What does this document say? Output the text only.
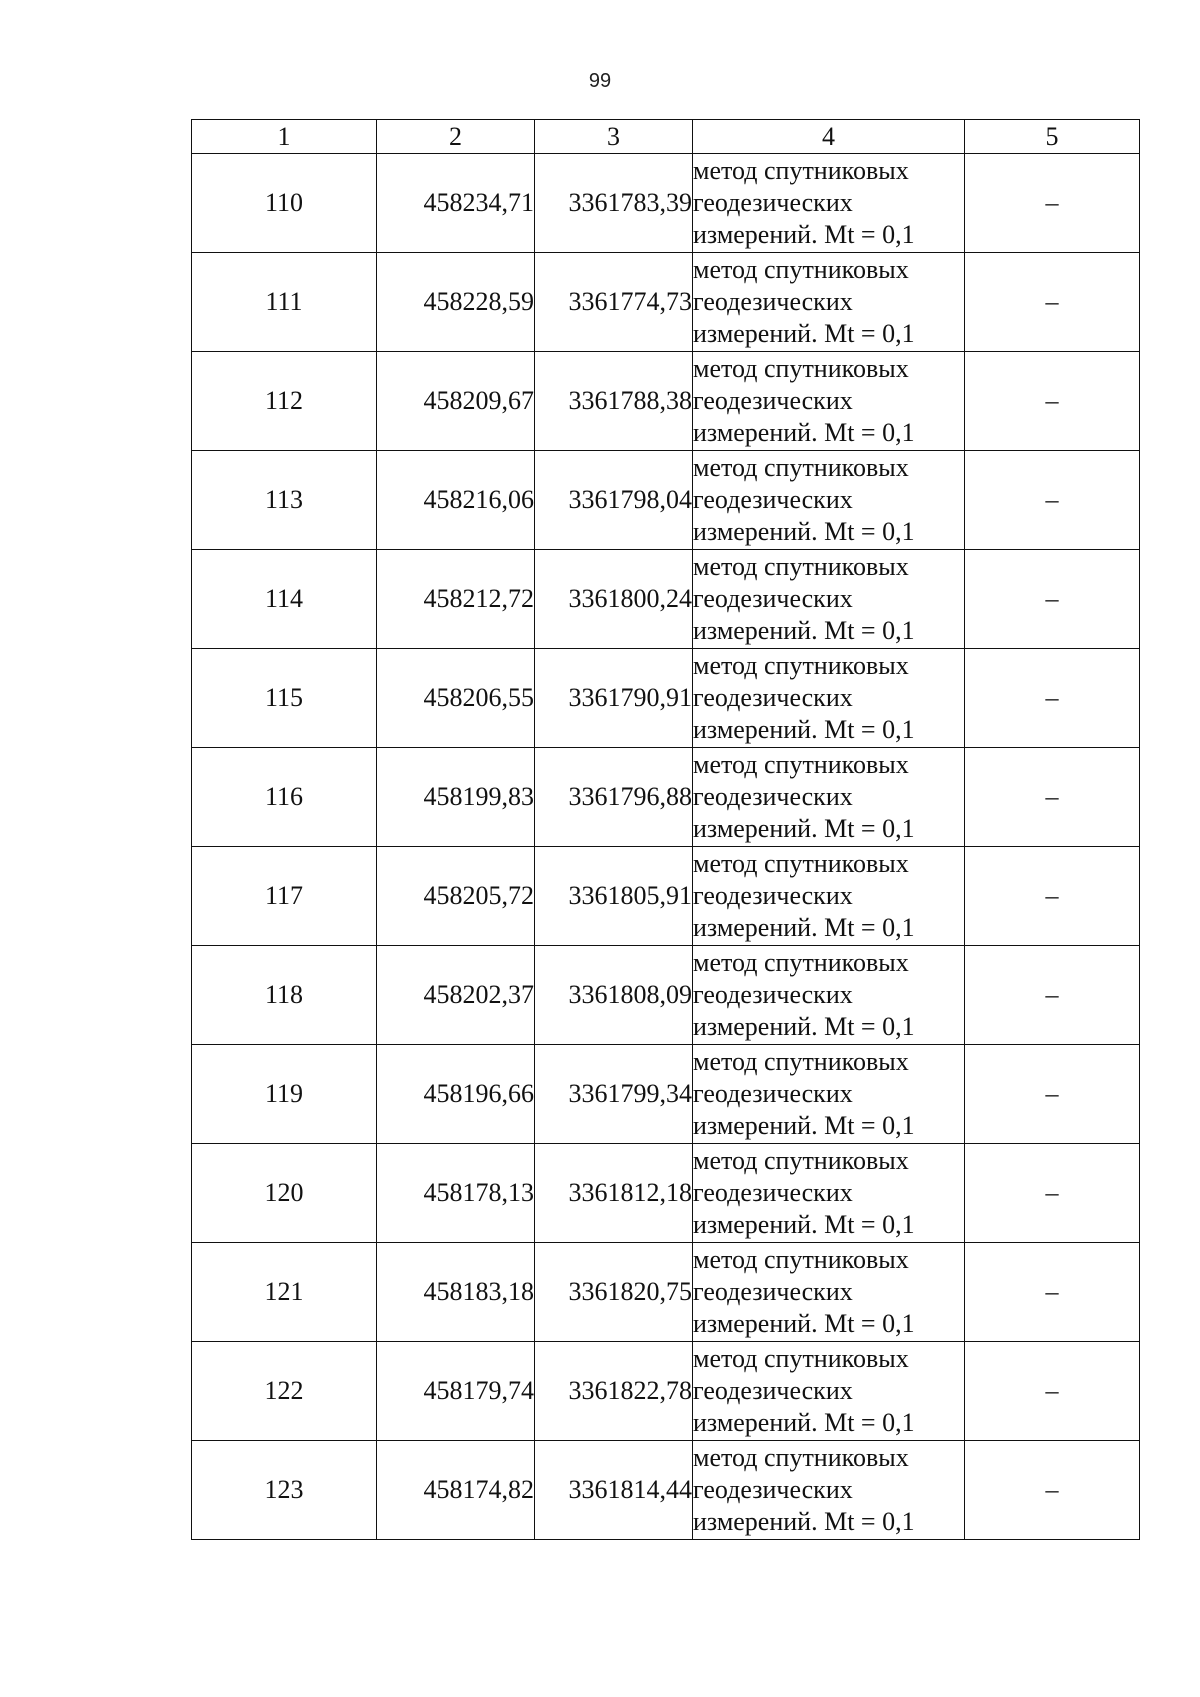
99
1	2	3	4	5
110	458234,71	3361783,39	метод спутниковых
геодезических
измерений. Mt = 0,1	–
111	458228,59	3361774,73	метод спутниковых
геодезических
измерений. Mt = 0,1	–
112	458209,67	3361788,38	метод спутниковых
геодезических
измерений. Mt = 0,1	–
113	458216,06	3361798,04	метод спутниковых
геодезических
измерений. Mt = 0,1	–
114	458212,72	3361800,24	метод спутниковых
геодезических
измерений. Mt = 0,1	–
115	458206,55	3361790,91	метод спутниковых
геодезических
измерений. Mt = 0,1	–
116	458199,83	3361796,88	метод спутниковых
геодезических
измерений. Mt = 0,1	–
117	458205,72	3361805,91	метод спутниковых
геодезических
измерений. Mt = 0,1	–
118	458202,37	3361808,09	метод спутниковых
геодезических
измерений. Mt = 0,1	–
119	458196,66	3361799,34	метод спутниковых
геодезических
измерений. Mt = 0,1	–
120	458178,13	3361812,18	метод спутниковых
геодезических
измерений. Mt = 0,1	–
121	458183,18	3361820,75	метод спутниковых
геодезических
измерений. Mt = 0,1	–
122	458179,74	3361822,78	метод спутниковых
геодезических
измерений. Mt = 0,1	–
123	458174,82	3361814,44	метод спутниковых
геодезических
измерений. Mt = 0,1	–
